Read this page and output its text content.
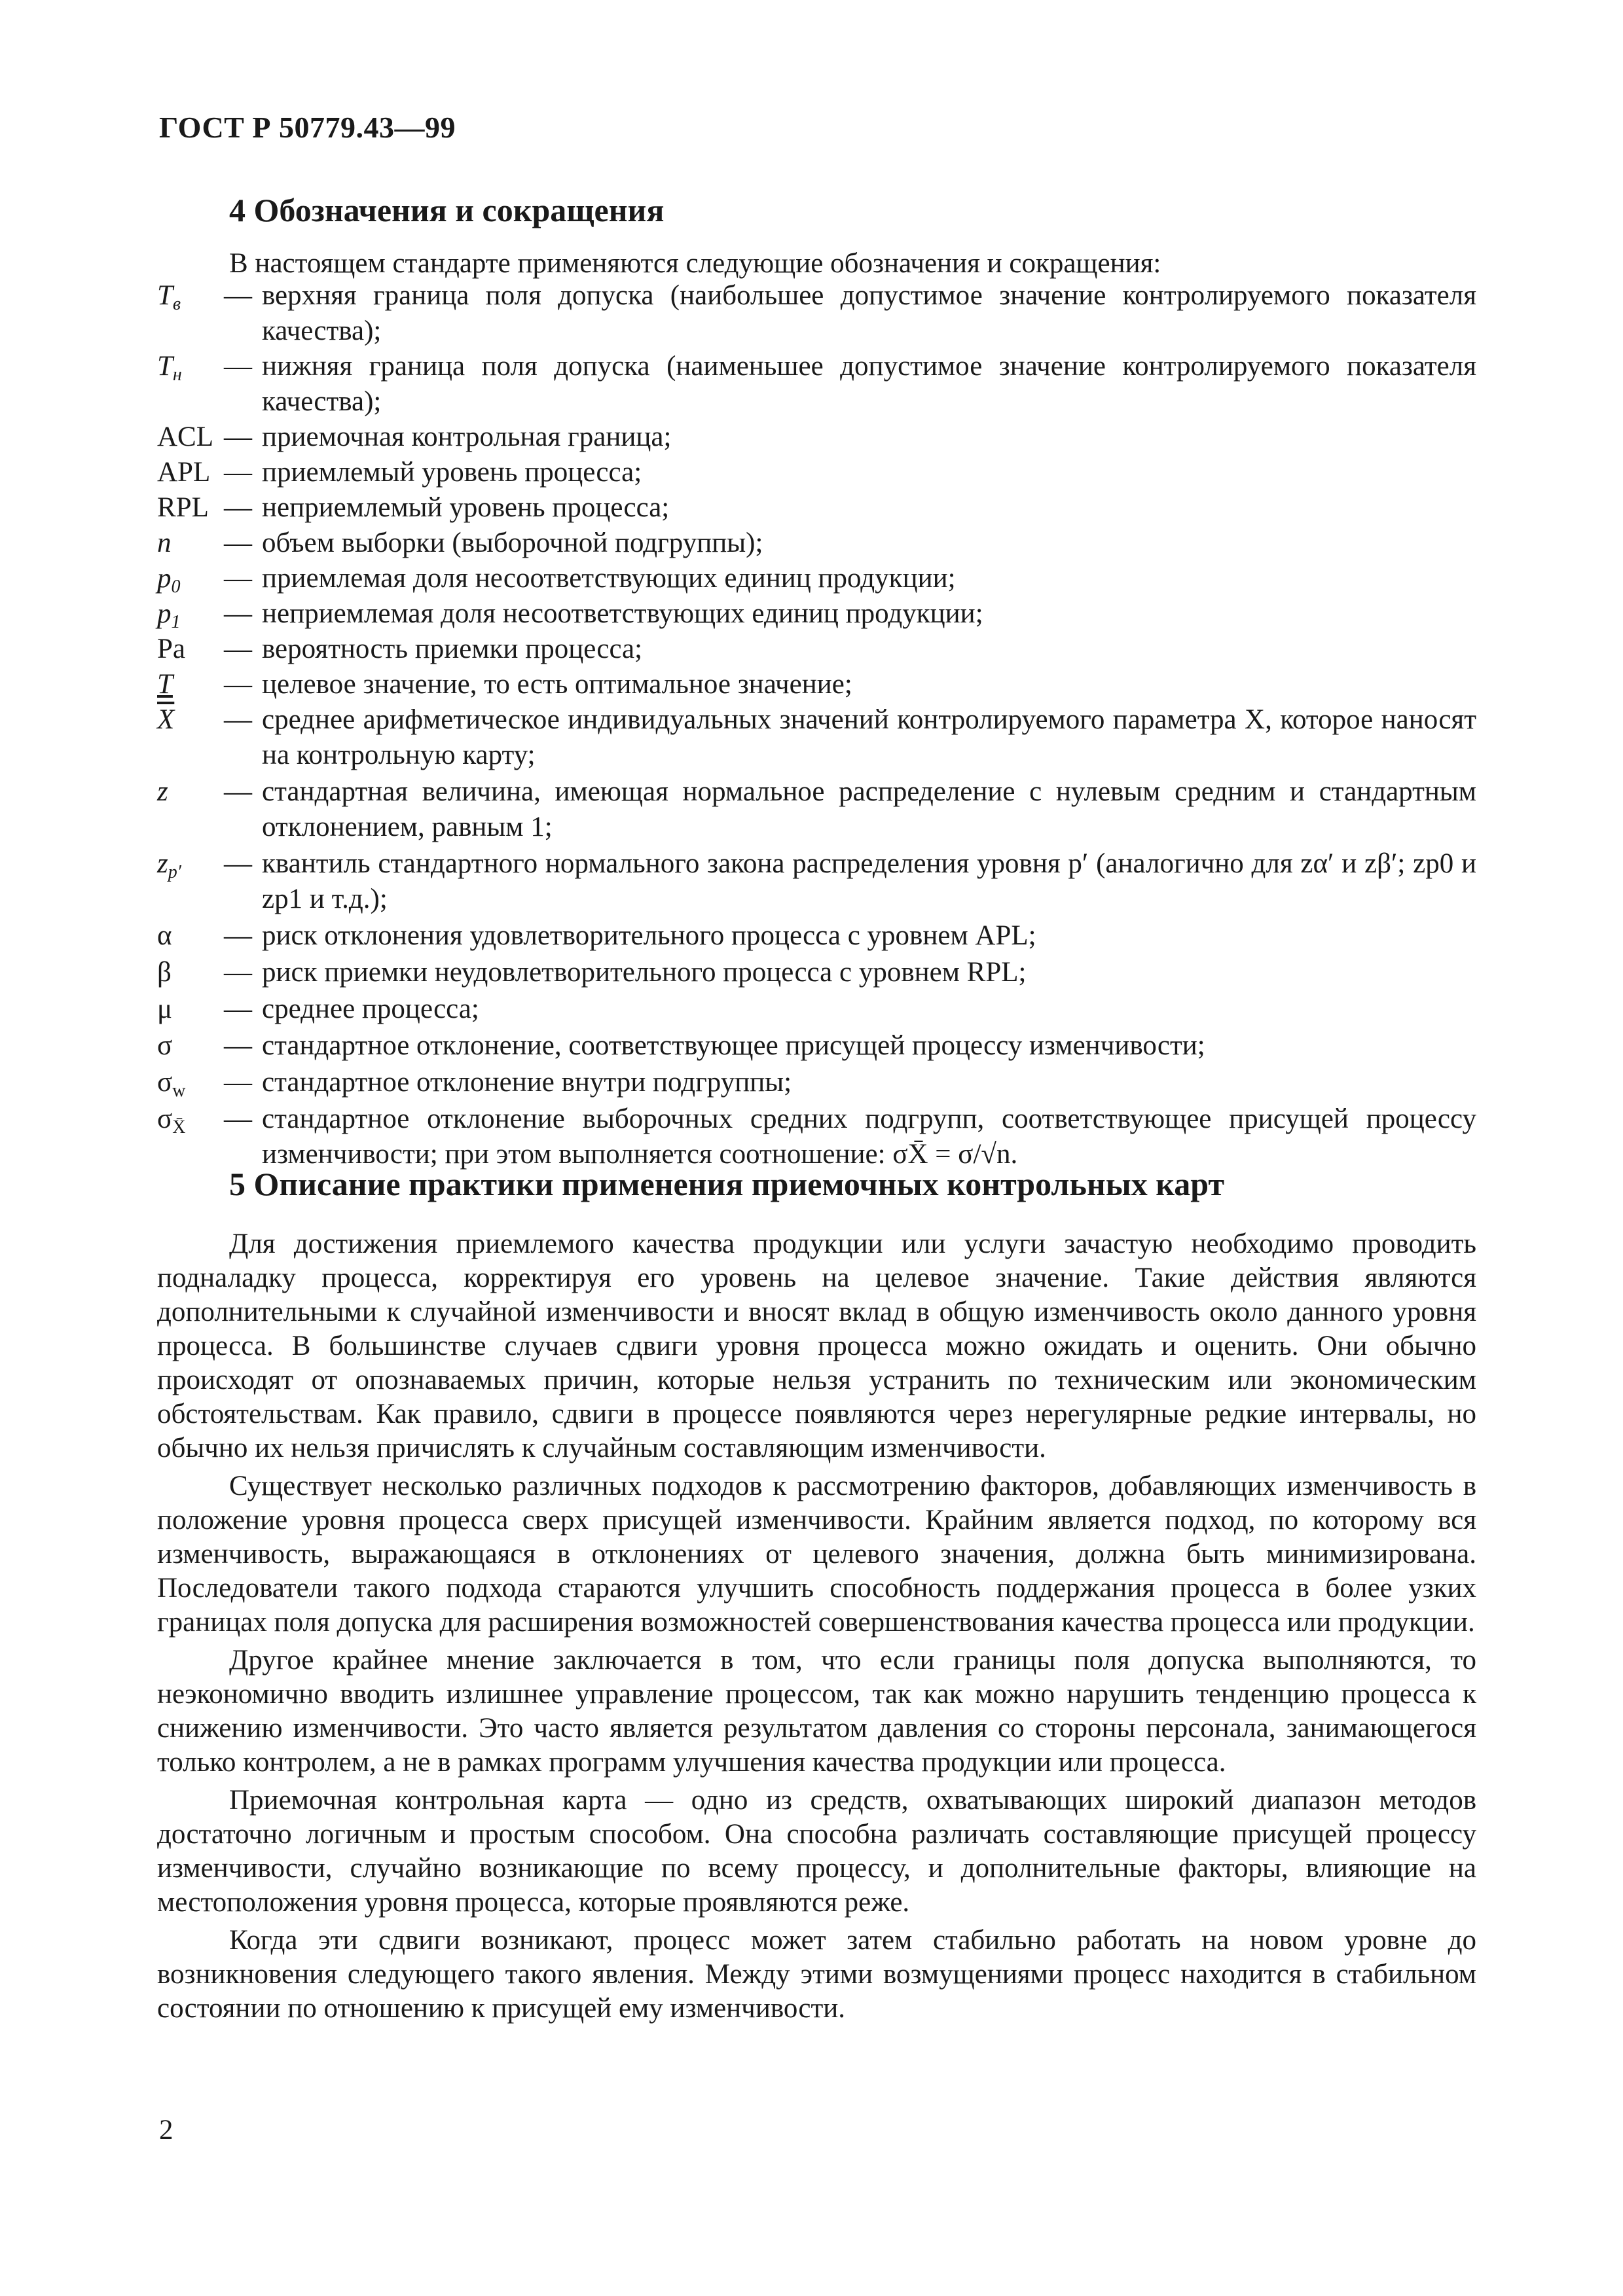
ГОСТ Р 50779.43—99
4 Обозначения и сокращения
В настоящем стандарте применяются следующие обозначения и сокращения:
$T_в$	— верхняя граница поля допуска (наибольшее допустимое значение контролируемого показателя качества);
$T_н$	— нижняя граница поля допуска (наименьшее допустимое значение контролируемого показателя качества);
ACL — приемочная контрольная граница;
APL — приемлемый уровень процесса;
RPL — неприемлемый уровень процесса;
n	— объем выборки (выборочной подгруппы);
$p_0$	— приемлемая доля несоответствующих единиц продукции;
$p_1$	— неприемлемая доля несоответствующих единиц продукции;
Pa	— вероятность приемки процесса;
T	— целевое значение, то есть оптимальное значение;
$\overline{X}$	— среднее арифметическое индивидуальных значений контролируемого параметра X, которое наносят на контрольную карту;
z	— стандартная величина, имеющая нормальное распределение с нулевым средним и стандартным отклонением, равным 1;
$z_{p'}$	— квантиль стандартного нормального закона распределения уровня p′ (аналогично для zα′ и zβ′; zp0 и zp1 и т.д.);
α	— риск отклонения удовлетворительного процесса с уровнем APL;
β	— риск приемки неудовлетворительного процесса с уровнем RPL;
μ	— среднее процесса;
σ	— стандартное отклонение, соответствующее присущей процессу изменчивости;
$\sigma_w$	— стандартное отклонение внутри подгруппы;
$\sigma_{X̄}$	— стандартное отклонение выборочных средних подгрупп, соответствующее присущей процессу изменчивости; при этом выполняется соотношение: σX̄ = σ/√n.
5 Описание практики применения приемочных контрольных карт

Для достижения приемлемого качества продукции или услуги зачастую необходимо проводить подналадку процесса, корректируя его уровень на целевое значение. Такие действия являются дополнительными к случайной изменчивости и вносят вклад в общую изменчивость около данного уровня процесса. В большинстве случаев сдвиги уровня процесса можно ожидать и оценить. Они обычно происходят от опознаваемых причин, которые нельзя устранить по техническим или экономическим обстоятельствам. Как правило, сдвиги в процессе появляются через нерегулярные редкие интервалы, но обычно их нельзя причислять к случайным составляющим изменчивости.

Существует несколько различных подходов к рассмотрению факторов, добавляющих изменчивость в положение уровня процесса сверх присущей изменчивости. Крайним является подход, по которому вся изменчивость, выражающаяся в отклонениях от целевого значения, должна быть минимизирована. Последователи такого подхода стараются улучшить способность поддержания процесса в более узких границах поля допуска для расширения возможностей совершенствования качества процесса или продукции.

Другое крайнее мнение заключается в том, что если границы поля допуска выполняются, то неэкономично вводить излишнее управление процессом, так как можно нарушить тенденцию процесса к снижению изменчивости. Это часто является результатом давления со стороны персонала, занимающегося только контролем, а не в рамках программ улучшения качества продукции или процесса.

Приемочная контрольная карта — одно из средств, охватывающих широкий диапазон методов достаточно логичным и простым способом. Она способна различать составляющие присущей процессу изменчивости, случайно возникающие по всему процессу, и дополнительные факторы, влияющие на местоположения уровня процесса, которые проявляются реже.

Когда эти сдвиги возникают, процесс может затем стабильно работать на новом уровне до возникновения следующего такого явления. Между этими возмущениями процесс находится в стабильном состоянии по отношению к присущей ему изменчивости.

2
